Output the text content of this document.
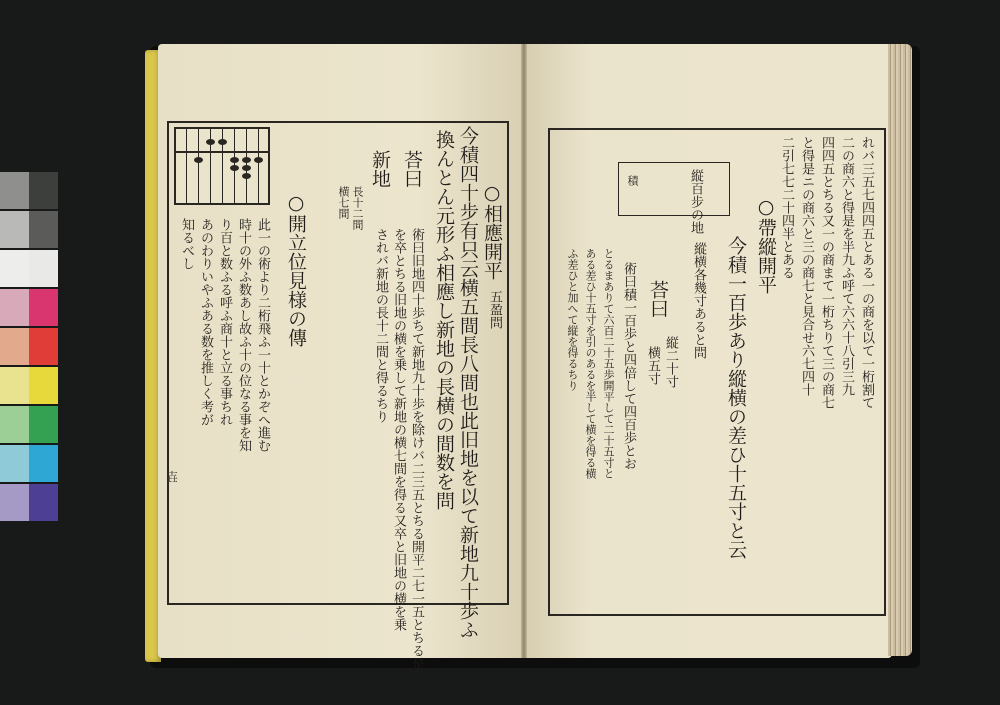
○相應開平
五盈問
今積四十步有只云横五間長八間也此旧地を以て新地九十歩ふ
換んとん元形ふ相應し新地の長横の間数を問
術曰旧地四十歩ちて新地九十歩を除けバ二三五とちる開平二七一五とちる是
を卒とちる旧地の横を乗して新地の横七間を得る又卒と旧地の横を乗
されバ新地の長十二間と得るちり
荅曰
新地
長十二間
横七間
○開立位見様の傳
此一の術より二桁飛ふ一十とかぞへ進む
時十の外ふ数あし故ふ十の位なる事を知
り百と数ふる呼ふ商十と立る事ちれ
あのわりいやふある数を推しく考が
知るべし
壵
れバ三五七四四五とある一の商を以て一桁割て
二の商六と得是を半九ふ呼て六六十八引三九
四四五とちる又一の商まて一桁ちりて三の商七
と得是ニの商六と三の商七と見合せ六七四十
二引七七二十四半とある
○帶縱開平
縦百步の地
積
今積一百歩あり縱横の差ひ十五寸と云
縱横各幾寸あると問
荅曰
縦二十寸
横五寸
術曰積一百歩と四倍して四百歩とお
とるまありて六百二十五歩開平して二十五寸と
ある差ひ十五寸を引のあるを半して横を得る横
ふ差ひと加へて縦を得るちり
